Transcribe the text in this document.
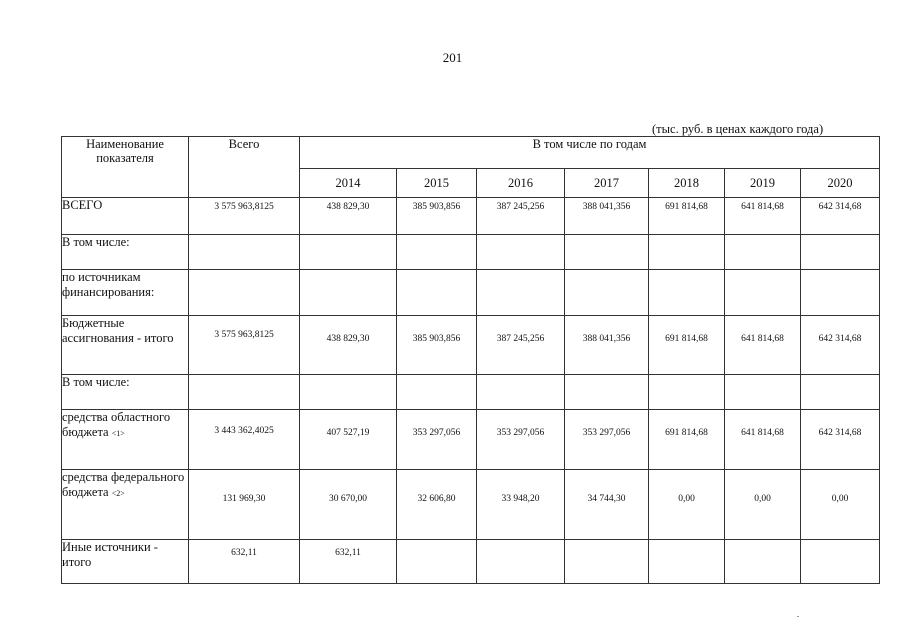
201
(тыс. руб. в ценах каждого года)
Наименование показателя	Всего	В том числе по годам						
		2014	2015	2016	2017	2018	2019	2020
ВСЕГО	3 575 963,8125	438 829,30	385 903,856	387 245,256	388 041,356	691 814,68	641 814,68	642 314,68
В том числе:								
по источникам финансирования:								
Бюджетные ассигнования - итого	3 575 963,8125	438 829,30	385 903,856	387 245,256	388 041,356	691 814,68	641 814,68	642 314,68
В том числе:								
средства областного бюджета <1>	3 443 362,4025	407 527,19	353 297,056	353 297,056	353 297,056	691 814,68	641 814,68	642 314,68
средства федерального бюджета <2>	131 969,30	30 670,00	32 606,80	33 948,20	34 744,30	0,00	0,00	0,00
Иные источники - итого	632,11	632,11						
